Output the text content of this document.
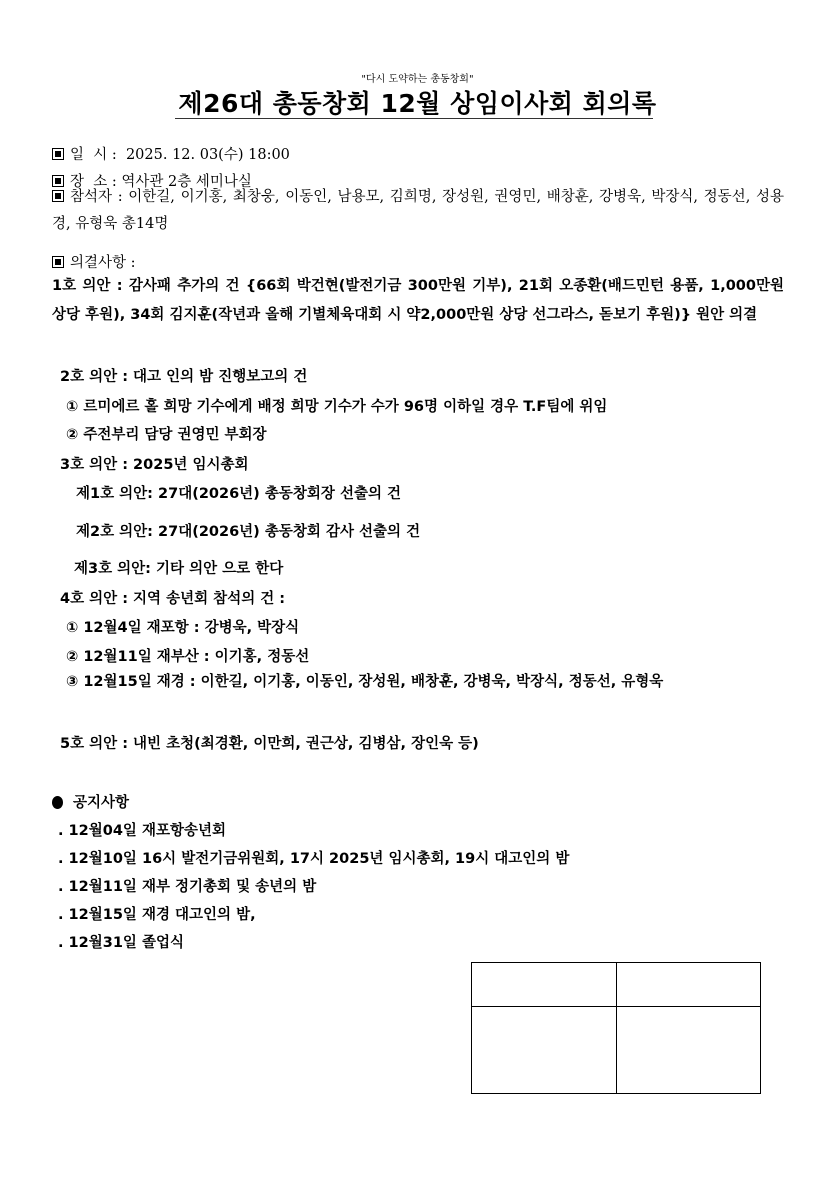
"다시 도약하는 총동창회"
제26대 총동창회 12월 상임이사회 회의록
일  시 :  2025. 12. 03(수) 18:00
장  소 : 역사관 2층 세미나실
참석자 : 이한길, 이기홍, 최창웅, 이동인, 남용모, 김희명, 장성원, 권영민, 배창훈, 강병욱, 박장식, 정동선, 성용경, 유형욱 총14명
의결사항 :
1호 의안 : 감사패 추가의 건 {66회 박건현(발전기금 300만원 기부), 21회 오종환(배드민턴 용품, 1,000만원 상당 후원), 34회 김지훈(작년과 올해 기별체육대회 시 약2,000만원 상당 선그라스, 돋보기 후원)} 원안 의결
2호 의안 : 대고 인의 밤 진행보고의 건
① 르미에르 홀 희망 기수에게 배정 희망 기수가 수가 96명 이하일 경우 T.F팀에 위임
② 주전부리 담당 권영민 부회장
3호 의안 : 2025년 임시총회
제1호 의안: 27대(2026년) 총동창회장 선출의 건
제2호 의안: 27대(2026년) 총동창회 감사 선출의 건
제3호 의안: 기타 의안 으로 한다
4호 의안 : 지역 송년회 참석의 건 :
① 12월4일 재포항 : 강병욱, 박장식
② 12월11일 재부산 : 이기홍, 정동선
③ 12월15일 재경 : 이한길, 이기홍, 이동인, 장성원, 배창훈, 강병욱, 박장식, 정동선, 유형욱
5호 의안 : 내빈 초청(최경환, 이만희, 권근상, 김병삼, 장인욱 등)
공지사항
. 12월04일 재포항송년회
. 12월10일 16시 발전기금위원회, 17시 2025년 임시총회, 19시 대고인의 밤
. 12월11일 재부 정기총회 및 송년의 밤
. 12월15일 재경 대고인의 밤,
. 12월31일 졸업식
